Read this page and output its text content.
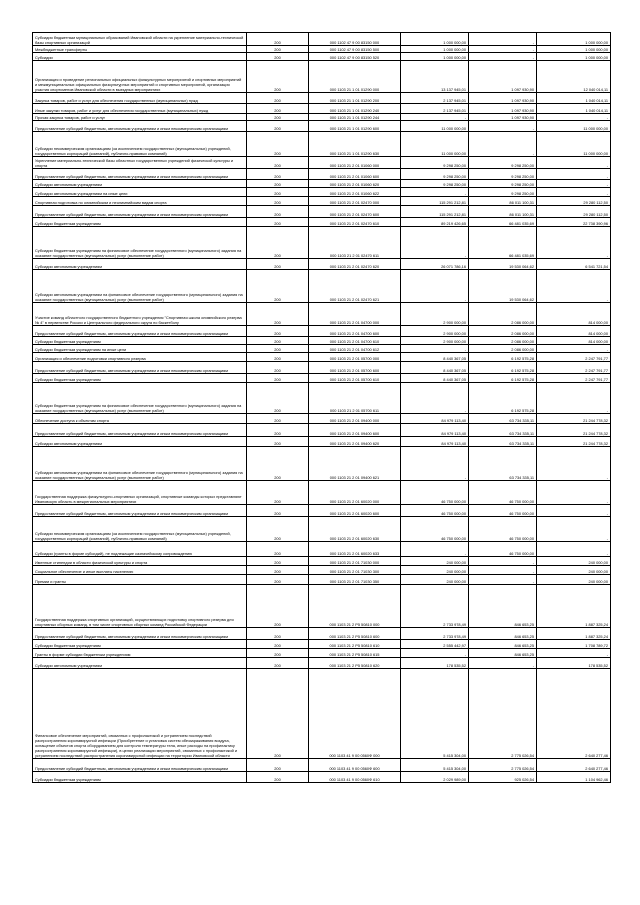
Субсидия бюджетным муниципальных образований Ивановской области на укрепление материально-технической базы спортивных организаций	200	000 1102 47 9 00 83150 000	1 000 000,00	-	1 000 000,00
Межбюджетные трансферты	200	000 1102 47 9 00 83150 500	1 000 000,00	-	1 000 000,00
Субсидии	200	000 1102 47 9 00 83150 520	1 000 000,00	-	1 000 000,00
Организация и проведение региональных официальных физкультурных мероприятий и спортивных мероприятий и межмуниципальных официальных физкультурных мероприятий и спортивных мероприятий, организация участия спортсменов Ивановской области в выездных мероприятиях	200	000 1103 21 1 01 01290 000	13 137 945,01	1 097 930,90	12 040 014,11
Закупка товаров, работ и услуг для обеспечения государственных (муниципальных) нужд	200	000 1103 21 1 01 01290 200	2 137 945,01	1 097 930,90	1 040 014,11
Иные закупки товаров, работ и услуг для обеспечения государственных (муниципальных) нужд	200	000 1103 21 1 01 01290 240	2 137 945,01	1 097 930,90	1 040 014,11
Прочая закупка товаров, работ и услуг	200	000 1103 21 1 01 01290 244	-	1 097 930,90	-
Предоставление субсидий бюджетным, автономным учреждениям и иным некоммерческим организациям	200	000 1103 21 1 01 01290 600	11 000 000,00	-	11 000 000,00
Субсидии некоммерческим организациям (за исключением государственных (муниципальных) учреждений, государственных корпораций (компаний), публично-правовых компаний)	200	000 1103 21 1 01 01290 630	11 000 000,00	-	11 000 000,00
Укрепление материально-технической базы областных государственных учреждений физической культуры и спорта	200	000 1103 21 2 01 01060 000	9 298 250,00	9 298 250,00	-
Предоставление субсидий бюджетным, автономным учреждениям и иным некоммерческим организациям	200	000 1103 21 2 01 01060 600	9 298 250,00	9 298 250,00	-
Субсидии автономным учреждениям	200	000 1103 21 2 01 01060 620	9 298 250,00	9 298 250,00	-
Субсидии автономным учреждениям на иные цели	200	000 1103 21 2 01 01060 622	-	9 298 250,00	-
Спортивная подготовка по олимпийским и неолимпийским видам спорта	200	000 1103 21 2 01 02470 000	115 291 212,81	86 011 100,31	29 280 112,50
Предоставление субсидий бюджетным, автономным учреждениям и иным некоммерческим организациям	200	000 1103 21 2 01 02470 600	115 291 212,81	86 011 100,31	29 280 112,50
Субсидии бюджетным учреждениям	200	000 1103 21 2 01 02470 610	89 219 426,65	66 481 035,69	22 738 390,96
Субсидии бюджетным учреждениям на финансовое обеспечение государственного (муниципального) задания на оказание государственных (муниципальных) услуг (выполнение работ)	200	000 1103 21 2 01 02470 611	-	66 481 035,69	-
Субсидии автономным учреждениям	200	000 1103 21 2 01 02470 620	26 071 786,16	19 530 064,62	6 541 721,54
Субсидии автономным учреждениям на финансовое обеспечение государственного (муниципального) задания на оказание государственных (муниципальных) услуг (выполнение работ)	200	000 1103 21 2 01 02470 621	-	19 530 064,62	-
Участие команд областного государственного бюджетного учреждения "Спортивная школа олимпийского резерва № 4" в первенстве России и Центрального федерального округа по баскетболу	200	000 1103 21 2 01 04700 000	2 900 000,00	2 086 000,00	814 000,00
Предоставление субсидий бюджетным, автономным учреждениям и иным некоммерческим организациям	200	000 1103 21 2 01 04700 600	2 900 000,00	2 086 000,00	814 000,00
Субсидии бюджетным учреждениям	200	000 1103 21 2 01 04700 610	2 900 000,00	2 086 000,00	814 000,00
Субсидии бюджетным учреждениям на иные цели	200	000 1103 21 2 01 04700 612	-	2 086 000,00	-
Организация и обеспечение подготовки спортивного резерва	200	000 1103 21 2 01 05700 000	8 440 367,05	6 192 575,28	2 247 791,77
Предоставление субсидий бюджетным, автономным учреждениям и иным некоммерческим организациям	200	000 1103 21 2 01 05700 600	8 440 367,05	6 192 575,28	2 247 791,77
Субсидии бюджетным учреждениям	200	000 1103 21 2 01 05700 610	8 440 367,05	6 192 575,28	2 247 791,77
Субсидии бюджетным учреждениям на финансовое обеспечение государственного (муниципального) задания на оказание государственных (муниципальных) услуг (выполнение работ)	200	000 1103 21 2 01 05700 611	-	6 192 575,28	-
Обеспечение доступа к объектам спорта	200	000 1103 21 2 01 09400 000	84 979 113,40	63 734 335,11	21 244 778,32
Предоставление субсидий бюджетным, автономным учреждениям и иным некоммерческим организациям	200	000 1103 21 2 01 09400 600	84 979 113,40	63 734 335,11	21 244 778,32
Субсидии автономным учреждениям	200	000 1103 21 2 01 09400 620	84 979 113,40	63 734 335,11	21 244 778,32
Субсидии автономным учреждениям на финансовое обеспечение государственного (муниципального) задания на оказание государственных (муниципальных) услуг (выполнение работ)	200	000 1103 21 2 01 09400 621	-	63 734 335,11	-
Государственная поддержка физкультурно-спортивных организаций, спортивные команды которых представляют Ивановскую область в межрегиональных мероприятиях	200	000 1103 21 2 01 60020 000	46 750 000,00	46 750 000,00	-
Предоставление субсидий бюджетным, автономным учреждениям и иным некоммерческим организациям	200	000 1103 21 2 01 60020 600	46 750 000,00	46 750 000,00	-
Субсидии некоммерческим организациям (за исключением государственных (муниципальных) учреждений, государственных корпораций (компаний), публично-правовых компаний)	200	000 1103 21 2 01 60020 630	46 750 000,00	46 750 000,00	-
Субсидии (гранты в форме субсидий), не подлежащие казначейскому сопровождению	200	000 1103 21 2 01 60020 633	-	46 750 000,00	-
Именные стипендии в области физической культуры и спорта	200	000 1103 21 2 01 71030 000	240 000,00	-	240 000,00
Социальное обеспечение и иные выплаты населению	200	000 1103 21 2 01 71030 300	240 000,00	-	240 000,00
Премии и гранты	200	000 1103 21 2 01 71030 350	240 000,00	-	240 000,00
Государственная поддержка спортивных организаций, осуществляющих подготовку спортивного резерва для спортивных сборных команд, в том числе спортивных сборных команд Российской Федерации	200	000 1103 21 2 P5 50810 000	2 733 978,49	846 653,25	1 887 325,24
Предоставление субсидий бюджетным, автономным учреждениям и иным некоммерческим организациям	200	000 1103 21 2 P5 50810 600	2 733 978,49	846 653,25	1 887 325,24
Субсидии бюджетным учреждениям	200	000 1103 21 2 P5 50810 610	2 555 442,97	846 653,25	1 708 789,72
Гранты в форме субсидии бюджетным учреждениям	200	000 1103 21 2 P5 50810 615	-	846 653,25	-
Субсидии автономным учреждениям	200	000 1103 21 2 P5 50810 620	178 535,52	-	178 535,52
Финансовое обеспечение мероприятий, связанных с профилактикой и устранением последствий распространения коронавирусной инфекции (Приобретение и установка систем обеззараживания воздуха, оснащение объектов спорта оборудованием для контроля температуры тела, иные расходы на профилактику распространения коронавирусной инфекции), в целях реализации мероприятий, связанных с профилактикой и устранением последствий распространения коронавирусной инфекции на территории Ивановской области	200	000 1103 41 9 00 0560Ф 000	5 415 304,00	2 775 026,54	2 640 277,46
Предоставление субсидий бюджетным, автономным учреждениям и иным некоммерческим организациям	200	000 1103 41 9 00 0560Ф 600	5 415 304,00	2 775 026,54	2 640 277,46
Субсидии бюджетным учреждениям	200	000 1103 41 9 00 0560Ф 610	2 029 989,00	925 026,54	1 104 962,46
